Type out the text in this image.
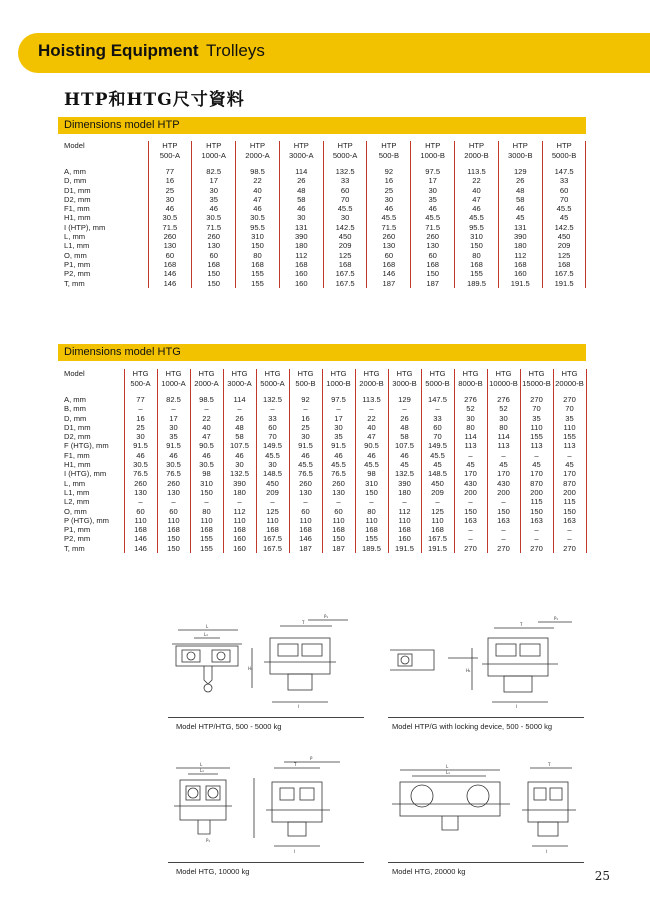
Hoisting Equipment Trolleys
HTP和HTG尺寸資料
Dimensions model HTP
Model	HTP	HTP	HTP	HTP	HTP	HTP	HTP	HTP	HTP	HTP
	500-A	1000-A	2000-A	3000-A	5000-A	500-B	1000-B	2000-B	3000-B	5000-B

A, mm	77	82.5	98.5	114	132.5	92	97.5	113.5	129	147.5
D, mm	16	17	22	26	33	16	17	22	26	33
D1, mm	25	30	40	48	60	25	30	40	48	60
D2, mm	30	35	47	58	70	30	35	47	58	70
F1, mm	46	46	46	46	45.5	46	46	46	46	45.5
H1, mm	30.5	30.5	30.5	30	30	45.5	45.5	45.5	45	45
I (HTP), mm	71.5	71.5	95.5	131	142.5	71.5	71.5	95.5	131	142.5
L, mm	260	260	310	390	450	260	260	310	390	450
L1, mm	130	130	150	180	209	130	130	150	180	209
O, mm	60	60	80	112	125	60	60	80	112	125
P1, mm	168	168	168	168	168	168	168	168	168	168
P2, mm	146	150	155	160	167.5	146	150	155	160	167.5
T, mm	146	150	155	160	167.5	187	187	189.5	191.5	191.5
Dimensions model HTG
Model	HTG	HTG	HTG	HTG	HTG	HTG	HTG	HTG	HTG	HTG	HTG	HTG	HTG	HTG
	500-A	1000-A	2000-A	3000-A	5000-A	500-B	1000-B	2000-B	3000-B	5000-B	8000-B	10000-B	15000-B	20000-B

A, mm	77	82.5	98.5	114	132.5	92	97.5	113.5	129	147.5	276	276	270	270
B, mm	–	–	–	–	–	–	–	–	–	–	52	52	70	70
D, mm	16	17	22	26	33	16	17	22	26	33	30	30	35	35
D1, mm	25	30	40	48	60	25	30	40	48	60	80	80	110	110
D2, mm	30	35	47	58	70	30	35	47	58	70	114	114	155	155
F (HTG), mm	91.5	91.5	90.5	107.5	149.5	91.5	91.5	90.5	107.5	149.5	113	113	113	113
F1, mm	46	46	46	46	45.5	46	46	46	46	45.5	–	–	–	–
H1, mm	30.5	30.5	30.5	30	30	45.5	45.5	45.5	45	45	45	45	45	45
I (HTG), mm	76.5	76.5	98	132.5	148.5	76.5	76.5	98	132.5	148.5	170	170	170	170
L, mm	260	260	310	390	450	260	260	310	390	450	430	430	870	870
L1, mm	130	130	150	180	209	130	130	150	180	209	200	200	200	200
L2, mm	–	–	–	–	–	–	–	–	–	–	–	–	115	115
O, mm	60	60	80	112	125	60	60	80	112	125	150	150	150	150
P (HTG), mm	110	110	110	110	110	110	110	110	110	110	163	163	163	163
P1, mm	168	168	168	168	168	168	168	168	168	168	–	–	–	–
P2, mm	146	150	155	160	167.5	146	150	155	160	167.5	–	–	–	–
T, mm	146	150	155	160	167.5	187	187	189.5	191.5	191.5	270	270	270	270
L
L₁
T
P₁
I
H₁
T
P₁
I
H₁
Model HTP/HTG, 500 - 5000 kg	Model HTP/G with locking device, 500 - 5000 kg
L
L₁
T
P
I
P₁
L
L₁
T
I
Model HTG, 10000 kg	Model HTG, 20000 kg	25
